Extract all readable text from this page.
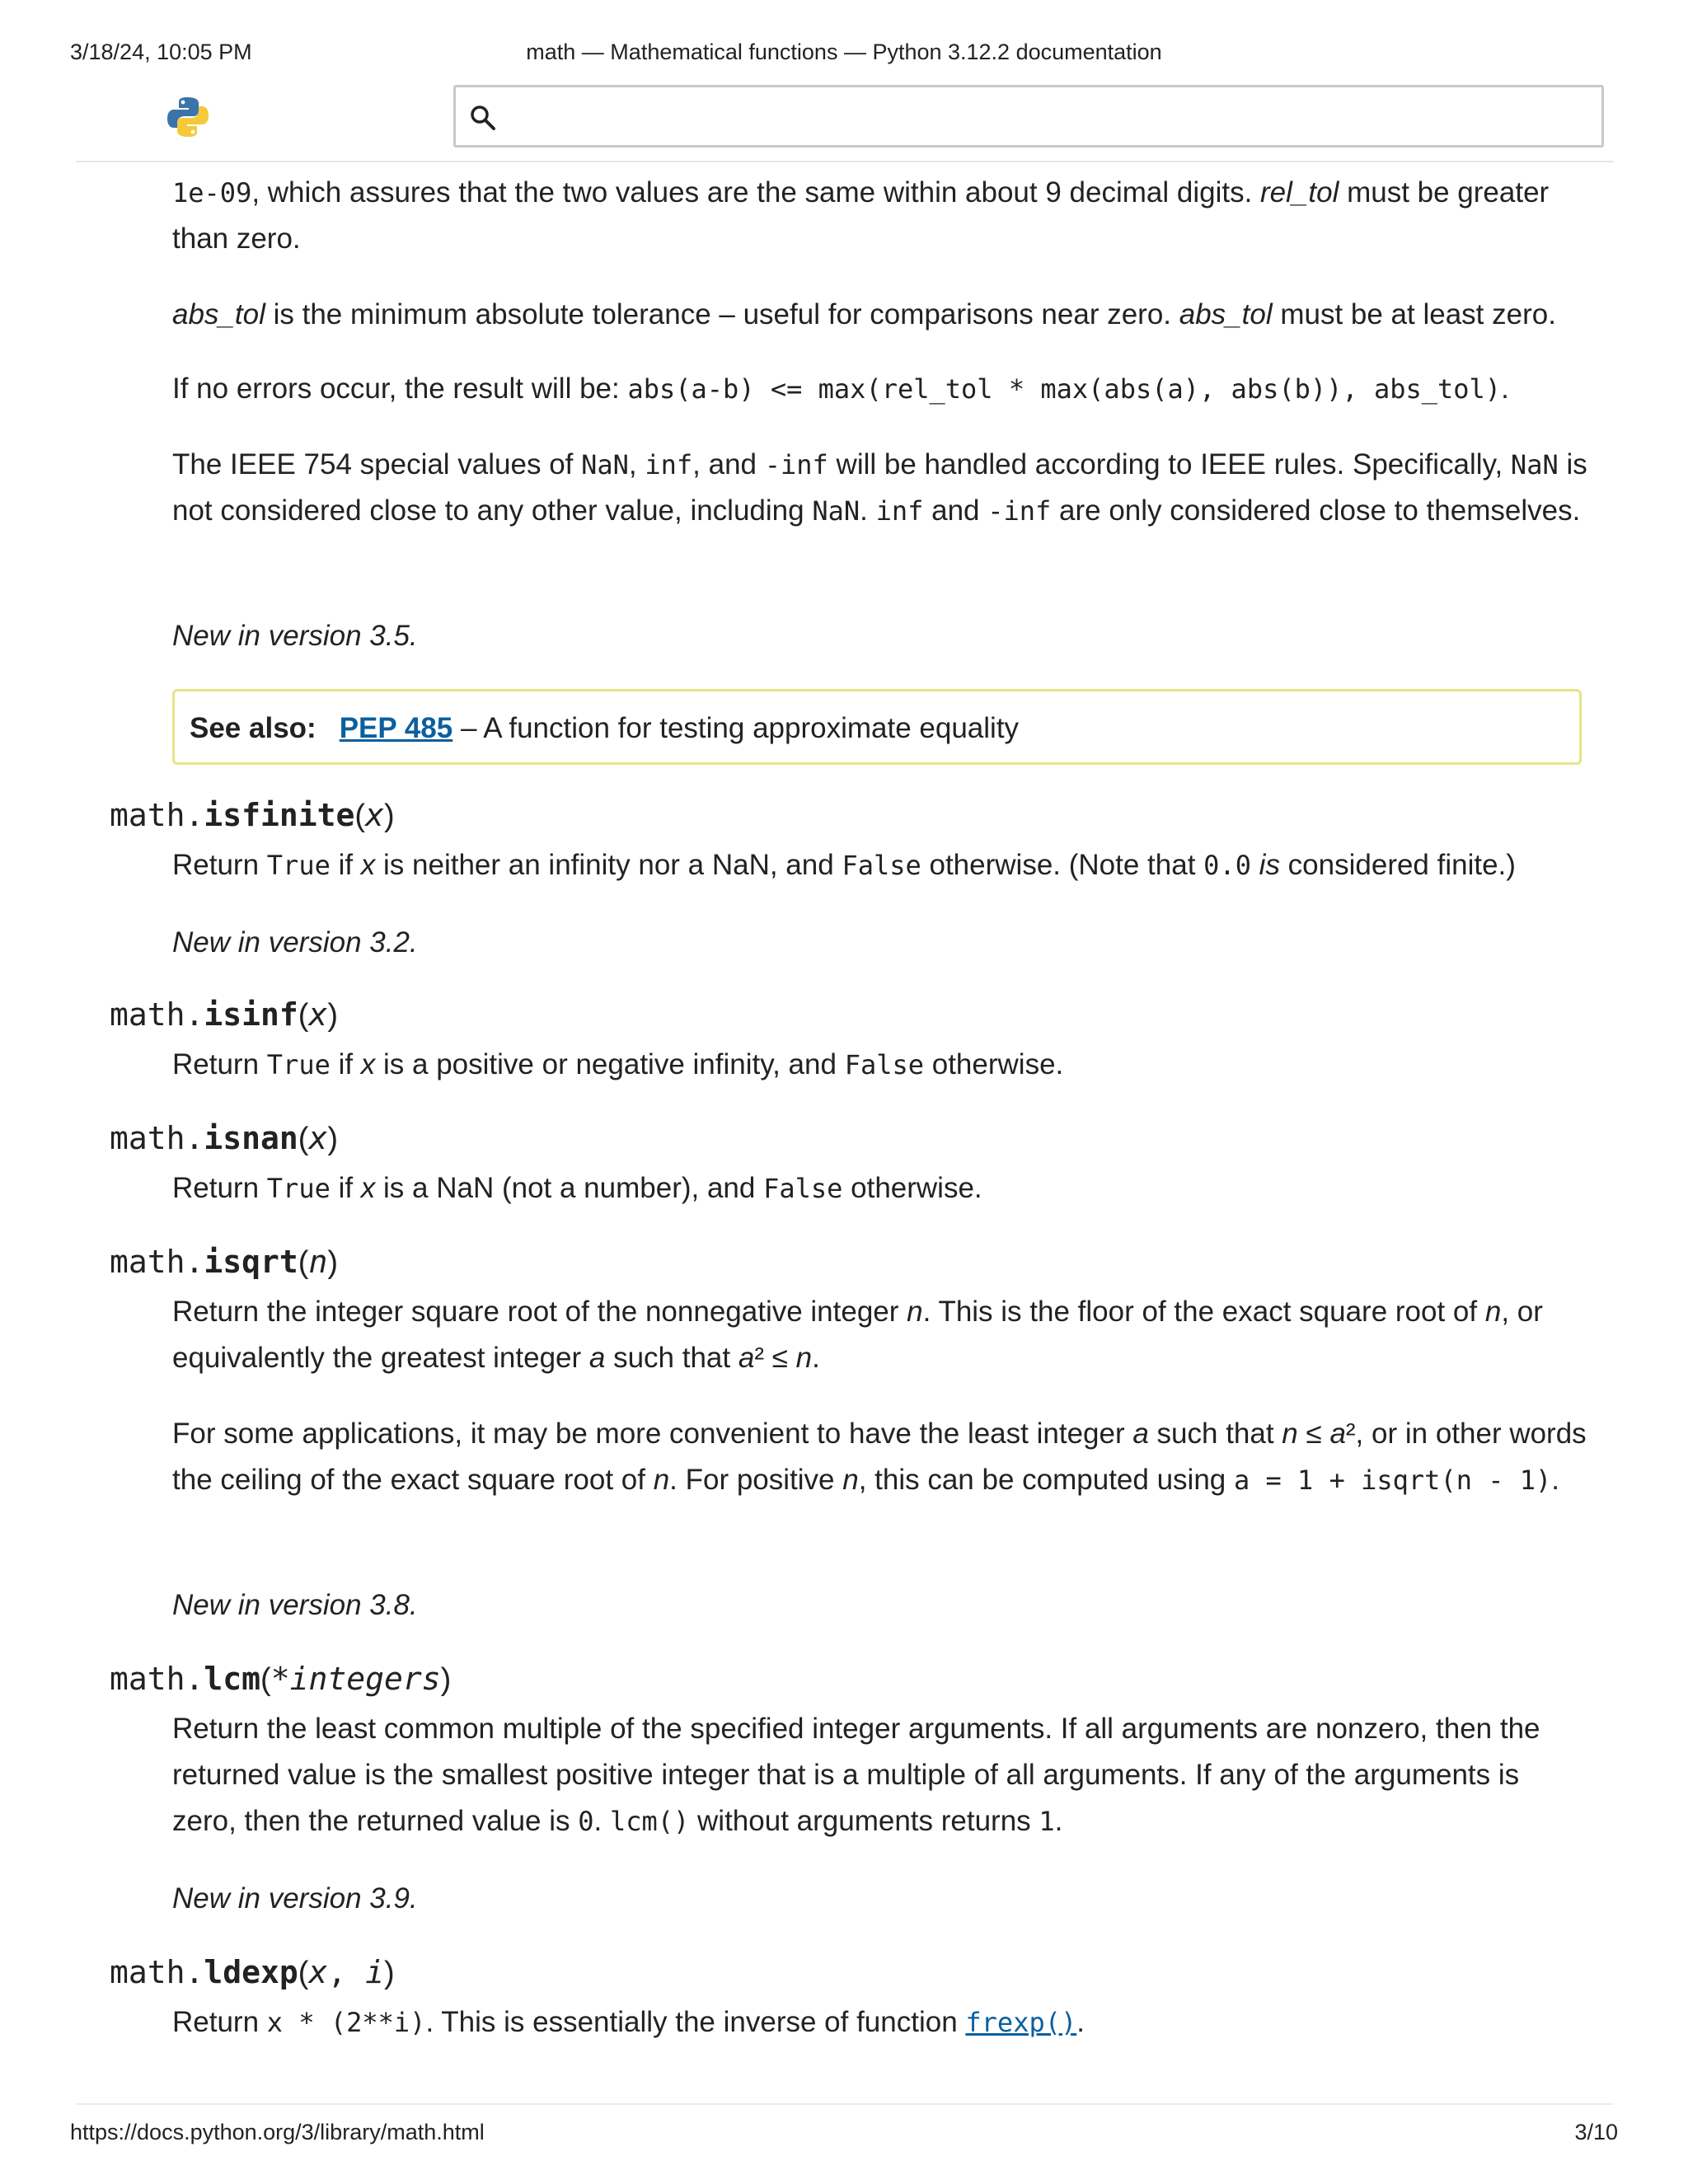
3/18/24, 10:05 PM	math — Mathematical functions — Python 3.12.2 documentation

1e-09, which assures that the two values are the same within about 9 decimal digits. rel_tol must be greater than zero.

abs_tol is the minimum absolute tolerance – useful for comparisons near zero. abs_tol must be at least zero.

If no errors occur, the result will be: abs(a-b) <= max(rel_tol * max(abs(a), abs(b)), abs_tol).

The IEEE 754 special values of NaN, inf, and -inf will be handled according to IEEE rules. Specifically, NaN is not considered close to any other value, including NaN. inf and -inf are only considered close to themselves.

New in version 3.5.

See also: PEP 485 – A function for testing approximate equality
math.isfinite(x)

Return True if x is neither an infinity nor a NaN, and False otherwise. (Note that 0.0 is considered finite.)

New in version 3.2.

math.isinf(x)

Return True if x is a positive or negative infinity, and False otherwise.

math.isnan(x)

Return True if x is a NaN (not a number), and False otherwise.

math.isqrt(n)

Return the integer square root of the nonnegative integer n. This is the floor of the exact square root of n, or equivalently the greatest integer a such that a² ≤ n.

For some applications, it may be more convenient to have the least integer a such that n ≤ a², or in other words the ceiling of the exact square root of n. For positive n, this can be computed using a = 1 + isqrt(n - 1).

New in version 3.8.

math.lcm(*integers)

Return the least common multiple of the specified integer arguments. If all arguments are nonzero, then the returned value is the smallest positive integer that is a multiple of all arguments. If any of the arguments is zero, then the returned value is 0. lcm() without arguments returns 1.

New in version 3.9.

math.ldexp(x, i)

Return x * (2**i). This is essentially the inverse of function frexp().

https://docs.python.org/3/library/math.html	3/10
